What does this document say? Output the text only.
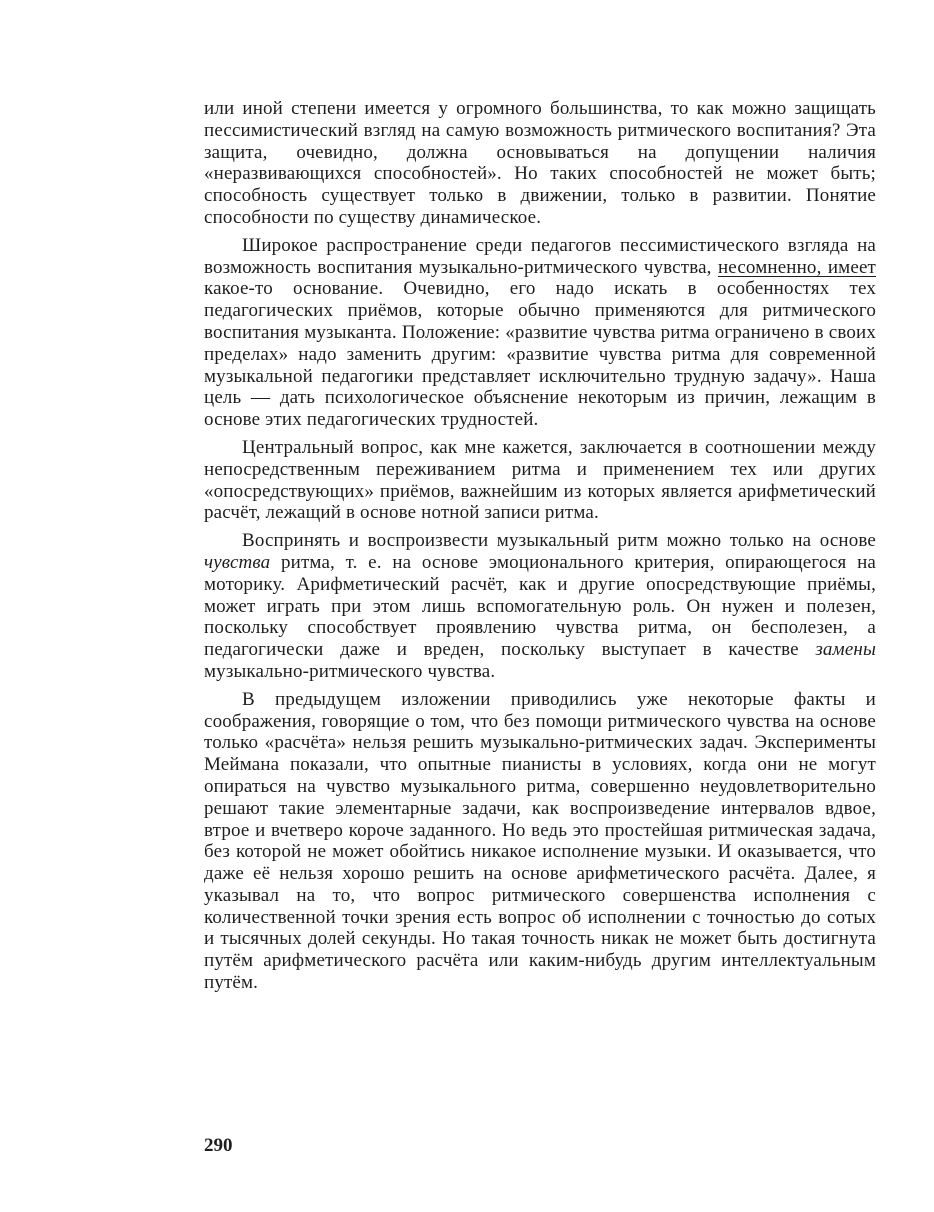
или иной степени имеется у огромного большинства, то как можно защищать пессимистический взгляд на самую возможность ритмического воспитания? Эта защита, очевидно, должна основываться на допущении наличия «неразвивающихся способностей». Но таких способностей не может быть; способность существует только в движении, только в развитии. Понятие способности по существу динамическое.

Широкое распространение среди педагогов пессимистического взгляда на возможность воспитания музыкально-ритмического чувства, несомненно, имеет какое-то основание. Очевидно, его надо искать в особенностях тех педагогических приёмов, которые обычно применяются для ритмического воспитания музыканта. Положение: «развитие чувства ритма ограничено в своих пределах» надо заменить другим: «развитие чувства ритма для современной музыкальной педагогики представляет исключительно трудную задачу». Наша цель — дать психологическое объяснение некоторым из причин, лежащим в основе этих педагогических трудностей.

Центральный вопрос, как мне кажется, заключается в соотношении между непосредственным переживанием ритма и применением тех или других «опосредствующих» приёмов, важнейшим из которых является арифметический расчёт, лежащий в основе нотной записи ритма.

Воспринять и воспроизвести музыкальный ритм можно только на основе чувства ритма, т. е. на основе эмоционального критерия, опирающегося на моторику. Арифметический расчёт, как и другие опосредствующие приёмы, может играть при этом лишь вспомогательную роль. Он нужен и полезен, поскольку способствует проявлению чувства ритма, он бесполезен, а педагогически даже и вреден, поскольку выступает в качестве замены музыкально-ритмического чувства.

В предыдущем изложении приводились уже некоторые факты и соображения, говорящие о том, что без помощи ритмического чувства на основе только «расчёта» нельзя решить музыкально-ритмических задач. Эксперименты Меймана показали, что опытные пианисты в условиях, когда они не могут опираться на чувство музыкального ритма, совершенно неудовлетворительно решают такие элементарные задачи, как воспроизведение интервалов вдвое, втрое и вчетверо короче заданного. Но ведь это простейшая ритмическая задача, без которой не может обойтись никакое исполнение музыки. И оказывается, что даже её нельзя хорошо решить на основе арифметического расчёта. Далее, я указывал на то, что вопрос ритмического совершенства исполнения с количественной точки зрения есть вопрос об исполнении с точностью до сотых и тысячных долей секунды. Но такая точность никак не может быть достигнута путём арифметического расчёта или каким-нибудь другим интеллектуальным путём.

290
